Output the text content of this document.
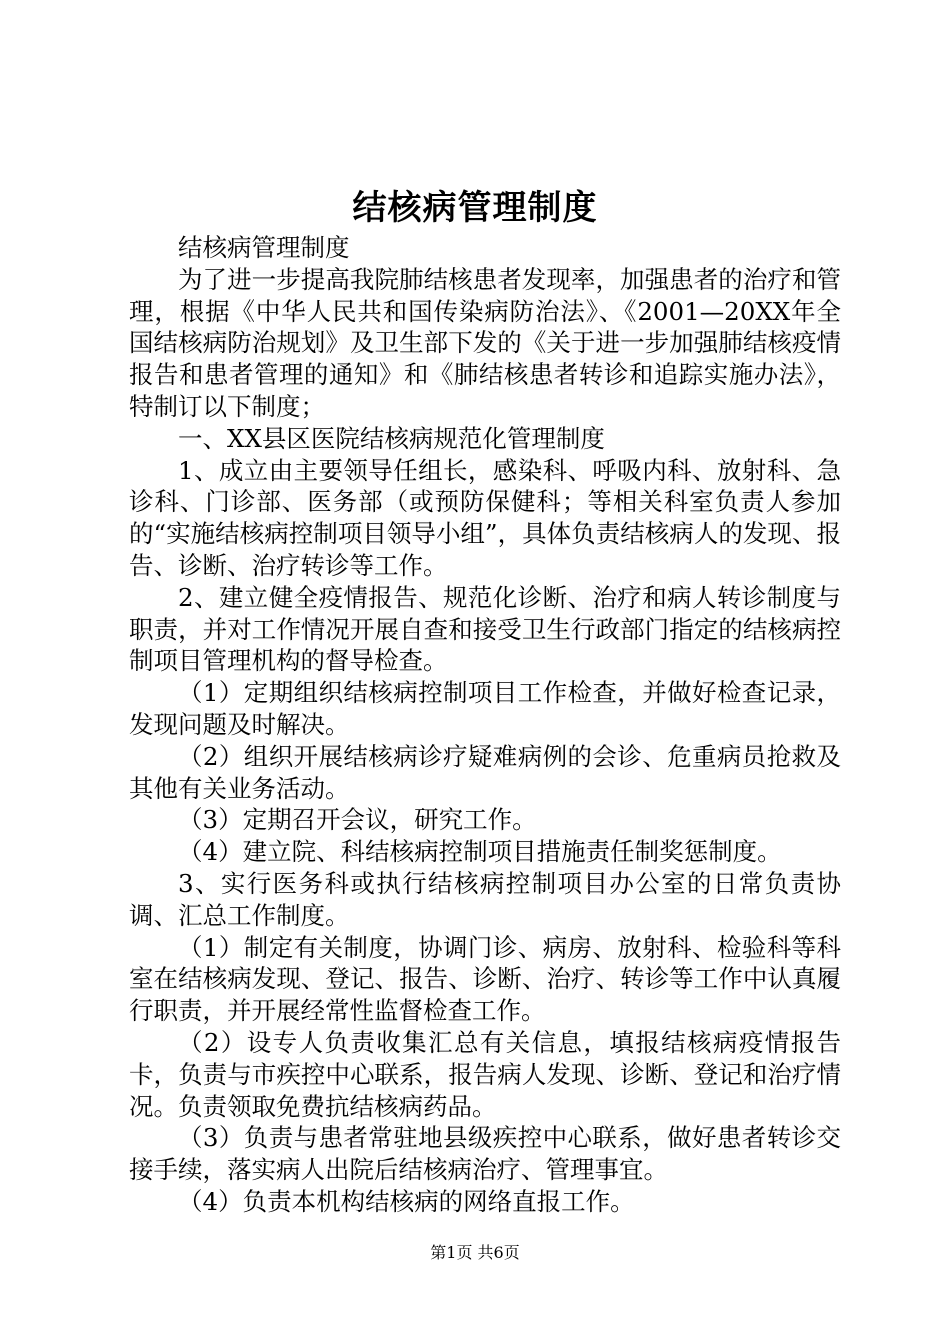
结核病管理制度

结核病管理制度

为了进一步提高我院肺结核患者发现率，加强患者的治疗和管理，根据《中华人民共和国传染病防治法》、《2001—20XX年全国结核病防治规划》及卫生部下发的《关于进一步加强肺结核疫情报告和患者管理的通知》和《肺结核患者转诊和追踪实施办法》，特制订以下制度；

一、XX县区医院结核病规范化管理制度

1、成立由主要领导任组长，感染科、呼吸内科、放射科、急诊科、门诊部、医务部（或预防保健科；等相关科室负责人参加的“实施结核病控制项目领导小组”，具体负责结核病人的发现、报告、诊断、治疗转诊等工作。

2、建立健全疫情报告、规范化诊断、治疗和病人转诊制度与职责，并对工作情况开展自查和接受卫生行政部门指定的结核病控制项目管理机构的督导检查。

（1）定期组织结核病控制项目工作检查，并做好检查记录，发现问题及时解决。

（2）组织开展结核病诊疗疑难病例的会诊、危重病员抢救及其他有关业务活动。

（3）定期召开会议，研究工作。

（4）建立院、科结核病控制项目措施责任制奖惩制度。

3、实行医务科或执行结核病控制项目办公室的日常负责协调、汇总工作制度。

（1）制定有关制度，协调门诊、病房、放射科、检验科等科室在结核病发现、登记、报告、诊断、治疗、转诊等工作中认真履行职责，并开展经常性监督检查工作。

（2）设专人负责收集汇总有关信息，填报结核病疫情报告卡，负责与市疾控中心联系，报告病人发现、诊断、登记和治疗情况。负责领取免费抗结核病药品。

（3）负责与患者常驻地县级疾控中心联系，做好患者转诊交接手续，落实病人出院后结核病治疗、管理事宜。

（4）负责本机构结核病的网络直报工作。

第1页 共6页
